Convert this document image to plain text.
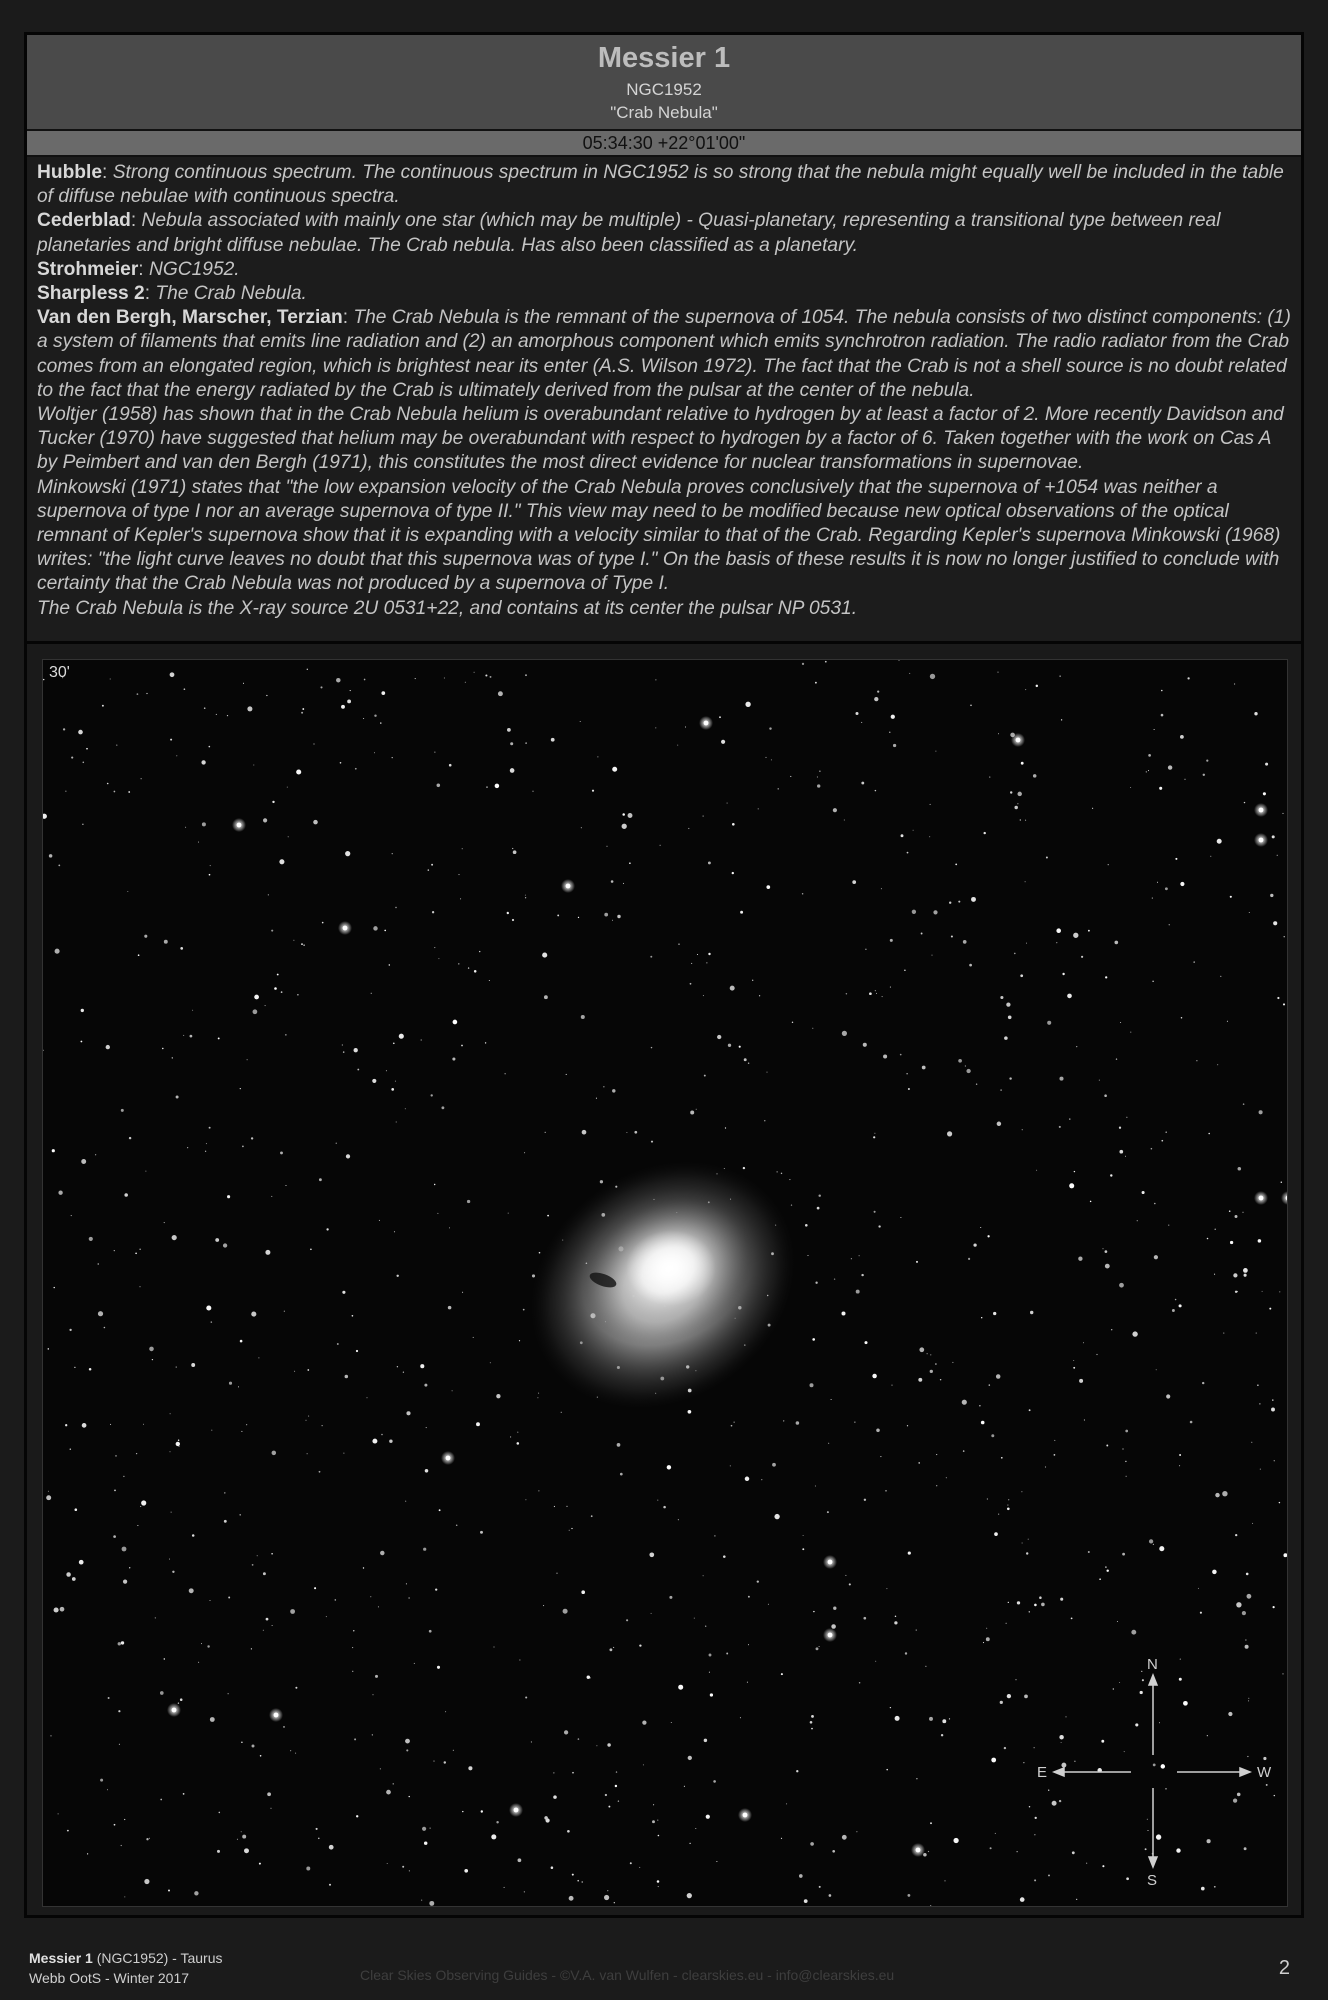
Messier 1
NGC1952
"Crab Nebula"
05:34:30 +22°01'00"

Hubble: Strong continuous spectrum. The continuous spectrum in NGC1952 is so strong that the nebula might equally well be included in the table of diffuse nebulae with continuous spectra.

Cederblad: Nebula associated with mainly one star (which may be multiple) - Quasi-planetary, representing a transitional type between real planetaries and bright diffuse nebulae. The Crab nebula. Has also been classified as a planetary.

Strohmeier: NGC1952.

Sharpless 2: The Crab Nebula.

Van den Bergh, Marscher, Terzian: The Crab Nebula is the remnant of the supernova of 1054. The nebula consists of two distinct components: (1) a system of filaments that emits line radiation and (2) an amorphous component which emits synchrotron radiation. The radio radiator from the Crab comes from an elongated region, which is brightest near its enter (A.S. Wilson 1972). The fact that the Crab is not a shell source is no doubt related to the fact that the energy radiated by the Crab is ultimately derived from the pulsar at the center of the nebula.

Woltjer (1958) has shown that in the Crab Nebula helium is overabundant relative to hydrogen by at least a factor of 2. More recently Davidson and Tucker (1970) have suggested that helium may be overabundant with respect to hydrogen by a factor of 6. Taken together with the work on Cas A by Peimbert and van den Bergh (1971), this constitutes the most direct evidence for nuclear transformations in supernovae.

Minkowski (1971) states that "the low expansion velocity of the Crab Nebula proves conclusively that the supernova of +1054 was neither a supernova of type I nor an average supernova of type II." This view may need to be modified because new optical observations of the optical remnant of Kepler's supernova show that it is expanding with a velocity similar to that of the Crab. Regarding Kepler's supernova Minkowski (1968) writes: "the light curve leaves no doubt that this supernova was of type I." On the basis of these results it is now no longer justified to conclude with certainty that the Crab Nebula was not produced by a supernova of Type I.

The Crab Nebula is the X-ray source 2U 0531+22, and contains at its center the pulsar NP 0531.

30'
N
S
E	W
Messier 1 (NGC1952) - Taurus
Webb OotS - Winter 2017	Clear Skies Observing Guides - ©V.A. van Wulfen - clearskies.eu - info@clearskies.eu	2
